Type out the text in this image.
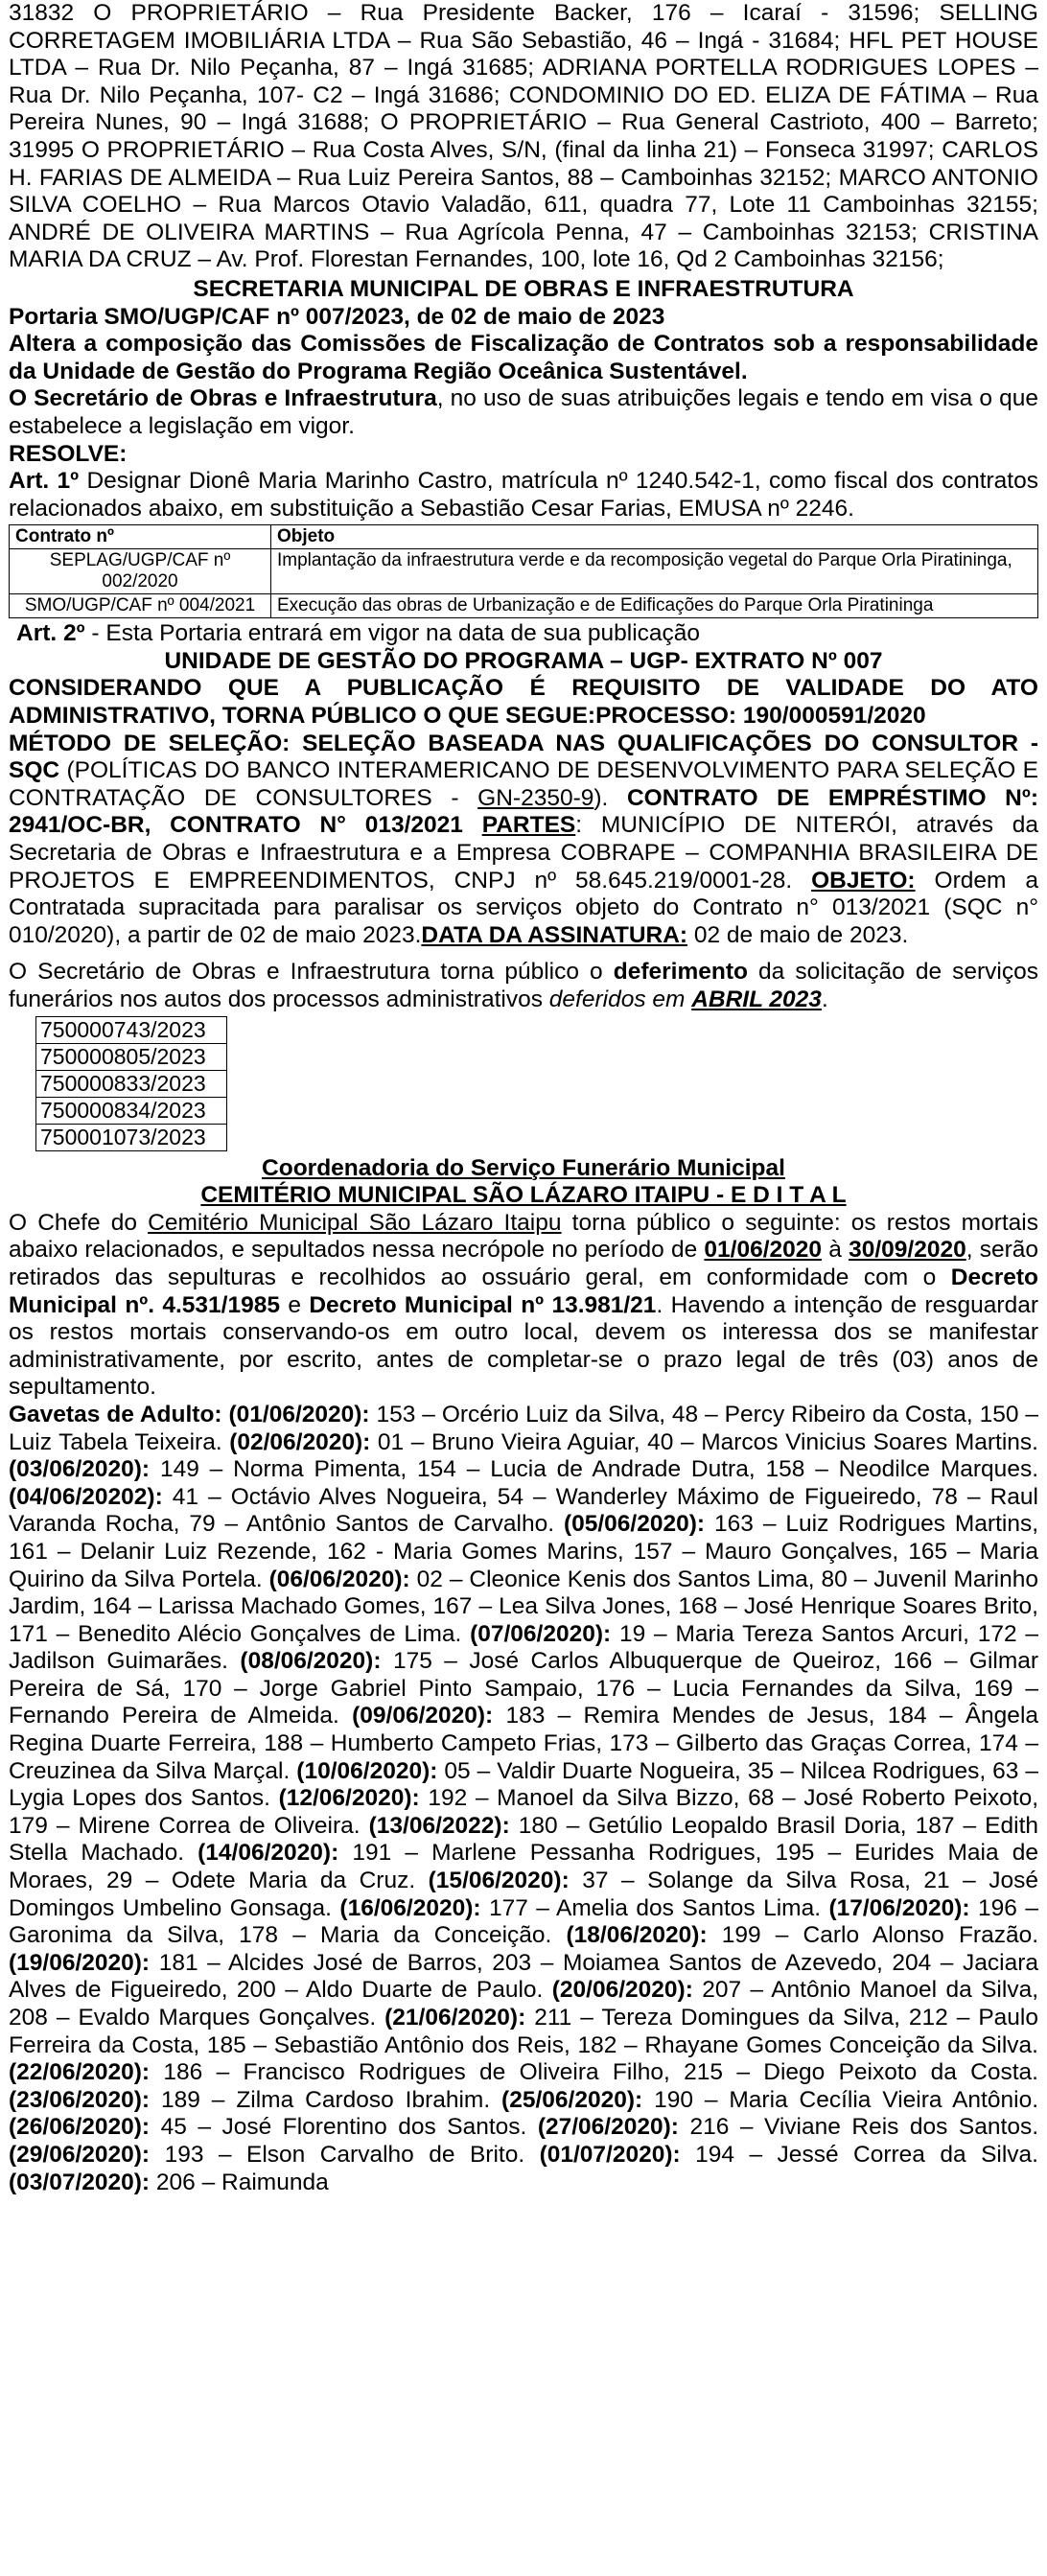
31832 O PROPRIETÁRIO – Rua Presidente Backer, 176 – Icaraí - 31596; SELLING CORRETAGEM IMOBILIÁRIA LTDA – Rua São Sebastião, 46 – Ingá - 31684; HFL PET HOUSE LTDA – Rua Dr. Nilo Peçanha, 87 – Ingá 31685; ADRIANA PORTELLA RODRIGUES LOPES – Rua Dr. Nilo Peçanha, 107- C2 – Ingá 31686; CONDOMINIO DO ED. ELIZA DE FÁTIMA – Rua Pereira Nunes, 90 – Ingá 31688; O PROPRIETÁRIO – Rua General Castrioto, 400 – Barreto; 31995 O PROPRIETÁRIO – Rua Costa Alves, S/N, (final da linha 21) – Fonseca 31997; CARLOS H. FARIAS DE ALMEIDA – Rua Luiz Pereira Santos, 88 – Camboinhas 32152; MARCO ANTONIO SILVA COELHO – Rua Marcos Otavio Valadão, 611, quadra 77, Lote 11 Camboinhas 32155; ANDRÉ DE OLIVEIRA MARTINS – Rua Agrícola Penna, 47 – Camboinhas 32153; CRISTINA MARIA DA CRUZ – Av. Prof. Florestan Fernandes, 100, lote 16, Qd 2 Camboinhas 32156;

SECRETARIA MUNICIPAL DE OBRAS E INFRAESTRUTURA

Portaria SMO/UGP/CAF nº 007/2023, de 02 de maio de 2023

Altera a composição das Comissões de Fiscalização de Contratos sob a responsabilidade da Unidade de Gestão do Programa Região Oceânica Sustentável.

O Secretário de Obras e Infraestrutura, no uso de suas atribuições legais e tendo em visa o que estabelece a legislação em vigor.

RESOLVE:

Art. 1º Designar Dionê Maria Marinho Castro, matrícula nº 1240.542-1, como fiscal dos contratos relacionados abaixo, em substituição a Sebastião Cesar Farias, EMUSA nº 2246.

Contrato nº	Objeto
SEPLAG/UGP/CAF nº 002/2020	Implantação da infraestrutura verde e da recomposição vegetal do Parque Orla Piratininga,
SMO/UGP/CAF nº 004/2021	Execução das obras de Urbanização e de Edificações do Parque Orla Piratininga

Art. 2º - Esta Portaria entrará em vigor na data de sua publicação

UNIDADE DE GESTÃO DO PROGRAMA – UGP- EXTRATO Nº 007

CONSIDERANDO QUE A PUBLICAÇÃO É REQUISITO DE VALIDADE DO ATO ADMINISTRATIVO, TORNA PÚBLICO O QUE SEGUE:PROCESSO: 190/000591/2020

MÉTODO DE SELEÇÃO: SELEÇÃO BASEADA NAS QUALIFICAÇÕES DO CONSULTOR - SQC (POLÍTICAS DO BANCO INTERAMERICANO DE DESENVOLVIMENTO PARA SELEÇÃO E CONTRATAÇÃO DE CONSULTORES - GN-2350-9). CONTRATO DE EMPRÉSTIMO Nº: 2941/OC-BR, CONTRATO N° 013/2021 PARTES: MUNICÍPIO DE NITERÓI, através da Secretaria de Obras e Infraestrutura e a Empresa COBRAPE – COMPANHIA BRASILEIRA DE PROJETOS E EMPREENDIMENTOS, CNPJ nº 58.645.219/0001-28. OBJETO: Ordem a Contratada supracitada para paralisar os serviços objeto do Contrato n° 013/2021 (SQC n° 010/2020), a partir de 02 de maio 2023.DATA DA ASSINATURA: 02 de maio de 2023.

O Secretário de Obras e Infraestrutura torna público o deferimento da solicitação de serviços funerários nos autos dos processos administrativos deferidos em ABRIL 2023.

750000743/2023
750000805/2023
750000833/2023
750000834/2023
750001073/2023
Coordenadoria do Serviço Funerário Municipal
CEMITÉRIO MUNICIPAL SÃO LÁZARO ITAIPU - E D I T A L

O Chefe do Cemitério Municipal São Lázaro Itaipu torna público o seguinte: os restos mortais abaixo relacionados, e sepultados nessa necrópole no período de 01/06/2020 à 30/09/2020, serão retirados das sepulturas e recolhidos ao ossuário geral, em conformidade com o Decreto Municipal nº. 4.531/1985 e Decreto Municipal nº 13.981/21. Havendo a intenção de resguardar os restos mortais conservando-os em outro local, devem os interessa dos se manifestar administrativamente, por escrito, antes de completar-se o prazo legal de três (03) anos de sepultamento.

Gavetas de Adulto: (01/06/2020): 153 – Orcério Luiz da Silva, 48 – Percy Ribeiro da Costa, 150 – Luiz Tabela Teixeira. (02/06/2020): 01 – Bruno Vieira Aguiar, 40 – Marcos Vinicius Soares Martins. (03/06/2020): 149 – Norma Pimenta, 154 – Lucia de Andrade Dutra, 158 – Neodilce Marques. (04/06/20202): 41 – Octávio Alves Nogueira, 54 – Wanderley Máximo de Figueiredo, 78 – Raul Varanda Rocha, 79 – Antônio Santos de Carvalho. (05/06/2020): 163 – Luiz Rodrigues Martins, 161 – Delanir Luiz Rezende, 162 - Maria Gomes Marins, 157 – Mauro Gonçalves, 165 – Maria Quirino da Silva Portela. (06/06/2020): 02 – Cleonice Kenis dos Santos Lima, 80 – Juvenil Marinho Jardim, 164 – Larissa Machado Gomes, 167 – Lea Silva Jones, 168 – José Henrique Soares Brito, 171 – Benedito Alécio Gonçalves de Lima. (07/06/2020): 19 – Maria Tereza Santos Arcuri, 172 – Jadilson Guimarães. (08/06/2020): 175 – José Carlos Albuquerque de Queiroz, 166 – Gilmar Pereira de Sá, 170 – Jorge Gabriel Pinto Sampaio, 176 – Lucia Fernandes da Silva, 169 – Fernando Pereira de Almeida. (09/06/2020): 183 – Remira Mendes de Jesus, 184 – Ângela Regina Duarte Ferreira, 188 – Humberto Campeto Frias, 173 – Gilberto das Graças Correa, 174 – Creuzinea da Silva Marçal. (10/06/2020): 05 – Valdir Duarte Nogueira, 35 – Nilcea Rodrigues, 63 – Lygia Lopes dos Santos. (12/06/2020): 192 – Manoel da Silva Bizzo, 68 – José Roberto Peixoto, 179 – Mirene Correa de Oliveira. (13/06/2022): 180 – Getúlio Leopaldo Brasil Doria, 187 – Edith Stella Machado. (14/06/2020): 191 – Marlene Pessanha Rodrigues, 195 – Eurides Maia de Moraes, 29 – Odete Maria da Cruz. (15/06/2020): 37 – Solange da Silva Rosa, 21 – José Domingos Umbelino Gonsaga. (16/06/2020): 177 – Amelia dos Santos Lima. (17/06/2020): 196 – Garonima da Silva, 178 – Maria da Conceição. (18/06/2020): 199 – Carlo Alonso Frazão. (19/06/2020): 181 – Alcides José de Barros, 203 – Moiamea Santos de Azevedo, 204 – Jaciara Alves de Figueiredo, 200 – Aldo Duarte de Paulo. (20/06/2020): 207 – Antônio Manoel da Silva, 208 – Evaldo Marques Gonçalves. (21/06/2020): 211 – Tereza Domingues da Silva, 212 – Paulo Ferreira da Costa, 185 – Sebastião Antônio dos Reis, 182 – Rhayane Gomes Conceição da Silva. (22/06/2020): 186 – Francisco Rodrigues de Oliveira Filho, 215 – Diego Peixoto da Costa. (23/06/2020): 189 – Zilma Cardoso Ibrahim. (25/06/2020): 190 – Maria Cecília Vieira Antônio. (26/06/2020): 45 – José Florentino dos Santos. (27/06/2020): 216 – Viviane Reis dos Santos. (29/06/2020): 193 – Elson Carvalho de Brito. (01/07/2020): 194 – Jessé Correa da Silva. (03/07/2020): 206 – Raimunda
